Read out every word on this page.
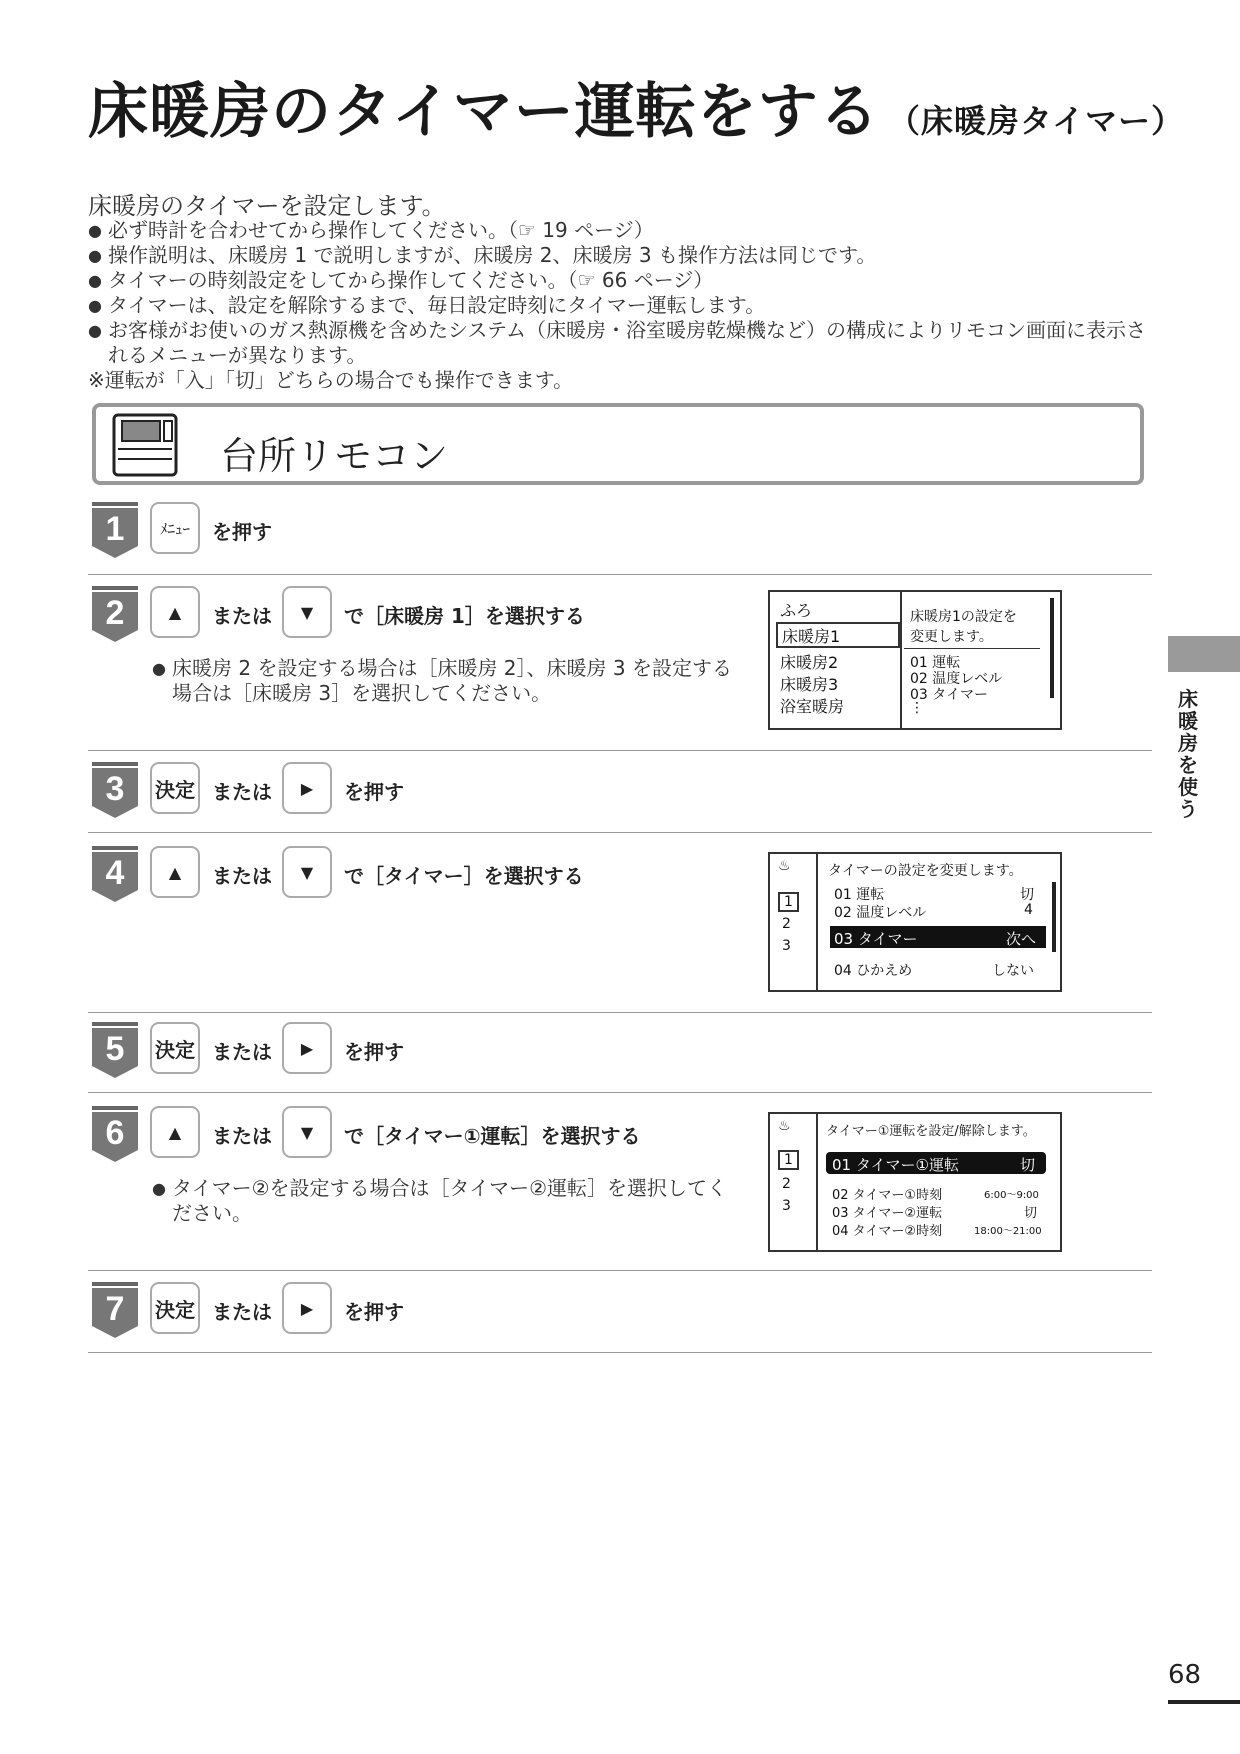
床暖房のタイマー運転をする （床暖房タイマー）
床暖房のタイマーを設定します。
● 必ず時計を合わせてから操作してください。（☞ 19 ページ）
● 操作説明は、床暖房 1 で説明しますが、床暖房 2、床暖房 3 も操作方法は同じです。
● タイマーの時刻設定をしてから操作してください。（☞ 66 ページ）
● タイマーは、設定を解除するまで、毎日設定時刻にタイマー運転します。
● お客様がお使いのガス熱源機を含めたシステム（床暖房・浴室暖房乾燥機など）の構成によりリモコン画面に表示されるメニューが異なります。
※運転が「入」「切」どちらの場合でも操作できます。
台所リモコン
1	ﾒﾆｭｰ	を押す
2	▲ または ▼ で［床暖房 1］を選択する
● 床暖房 2 を設定する場合は［床暖房 2］、床暖房 3 を設定する場合は［床暖房 3］を選択してください。
ふろ
床暖房1
床暖房2
床暖房3
浴室暖房
床暖房1の設定を
変更します。
01 運転
02 温度レベル
03 タイマー
⋮
3 決定 または ▶ を押す
4	▲ または ▼ で［タイマー］を選択する	♨
1
2
3
タイマーの設定を変更します。
01 運転	切
02 温度レベル	4
03 タイマー	次へ
04 ひかえめ	しない
5 決定 または ▶ を押す
6	▲ または ▼ で［タイマー①運転］を選択する
● タイマー②を設定する場合は［タイマー②運転］を選択してください。
♨
1
2
3
タイマー①運転を設定/解除します。
01 タイマー①運転	切
02 タイマー①時刻	6:00～9:00
03 タイマー②運転	切
04 タイマー②時刻	18:00～21:00
7 決定 または ▶ を押す
床暖房を使う
68
